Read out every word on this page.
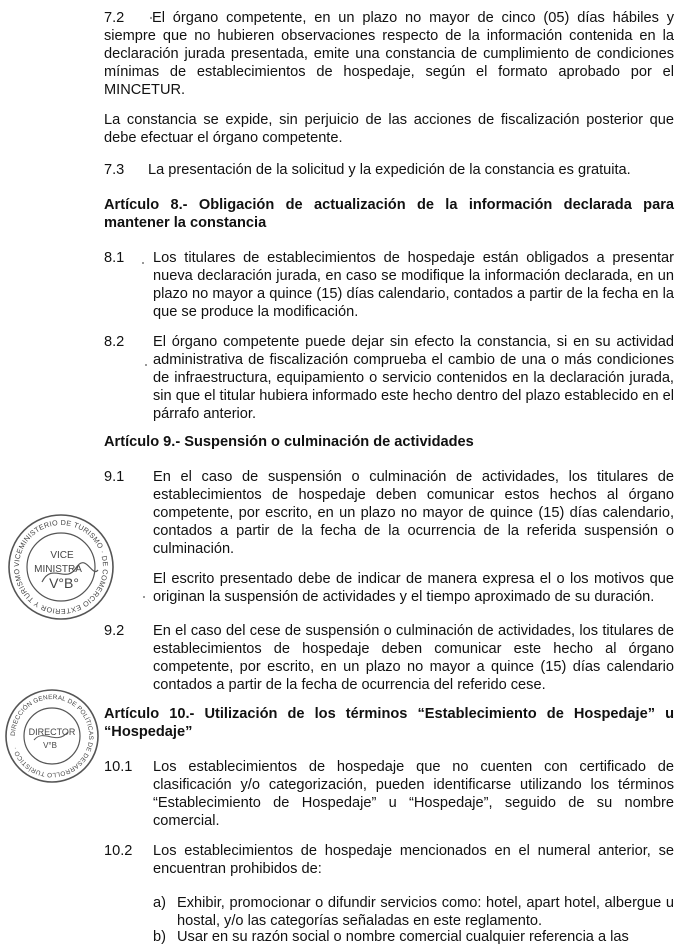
7.2	El órgano competente, en un plazo no mayor de cinco (05) días hábiles y siempre que no hubieren observaciones respecto de la información contenida en la declaración jurada presentada, emite una constancia de cumplimiento de condiciones mínimas de establecimientos de hospedaje, según el formato aprobado por el MINCETUR.

La constancia se expide, sin perjuicio de las acciones de fiscalización posterior que debe efectuar el órgano competente.

7.3 La presentación de la solicitud y la expedición de la constancia es gratuita.

Artículo 8.- Obligación de actualización de la información declarada para mantener la constancia

8.1 Los titulares de establecimientos de hospedaje están obligados a presentar nueva declaración jurada, en caso se modifique la información declarada, en un plazo no mayor a quince (15) días calendario, contados a partir de la fecha en la que se produce la modificación.

8.2 El órgano competente puede dejar sin efecto la constancia, si en su actividad administrativa de fiscalización comprueba el cambio de una o más condiciones de infraestructura, equipamiento o servicio contenidos en la declaración jurada, sin que el titular hubiera informado este hecho dentro del plazo establecido en el párrafo anterior.

Artículo 9.- Suspensión o culminación de actividades

9.1 En el caso de suspensión o culminación de actividades, los titulares de establecimientos de hospedaje deben comunicar estos hechos al órgano competente, por escrito, en un plazo no mayor de quince (15) días calendario, contados a partir de la fecha de la ocurrencia de la referida suspensión o culminación.

El escrito presentado debe de indicar de manera expresa el o los motivos que originan la suspensión de actividades y el tiempo aproximado de su duración.

9.2 En el caso del cese de suspensión o culminación de actividades, los titulares de establecimientos de hospedaje deben comunicar este hecho al órgano competente, por escrito, en un plazo no mayor a quince (15) días calendario contados a partir de la fecha de ocurrencia del referido cese.

Artículo 10.- Utilización de los términos “Establecimiento de Hospedaje” u “Hospedaje”

10.1 Los establecimientos de hospedaje que no cuenten con certificado de clasificación y/o categorización, pueden identificarse utilizando los términos “Establecimiento de Hospedaje” u “Hospedaje”, seguido de su nombre comercial.

10.2 Los establecimientos de hospedaje mencionados en el numeral anterior, se encuentran prohibidos de:

a) Exhibir, promocionar o difundir servicios como: hotel, apart hotel, albergue u hostal, y/o las categorías señaladas en este reglamento.

b) Usar en su razón social o nombre comercial cualquier referencia a las

VICEMINISTERIO DE TURISMO · DE COMERCIO EXTERIOR Y TURISMO
VICE
MINISTRA
V°B°
DIRECCIÓN GENERAL DE POLÍTICAS DE DESARROLLO TURÍSTICO ·
DIRECTOR
V°B
